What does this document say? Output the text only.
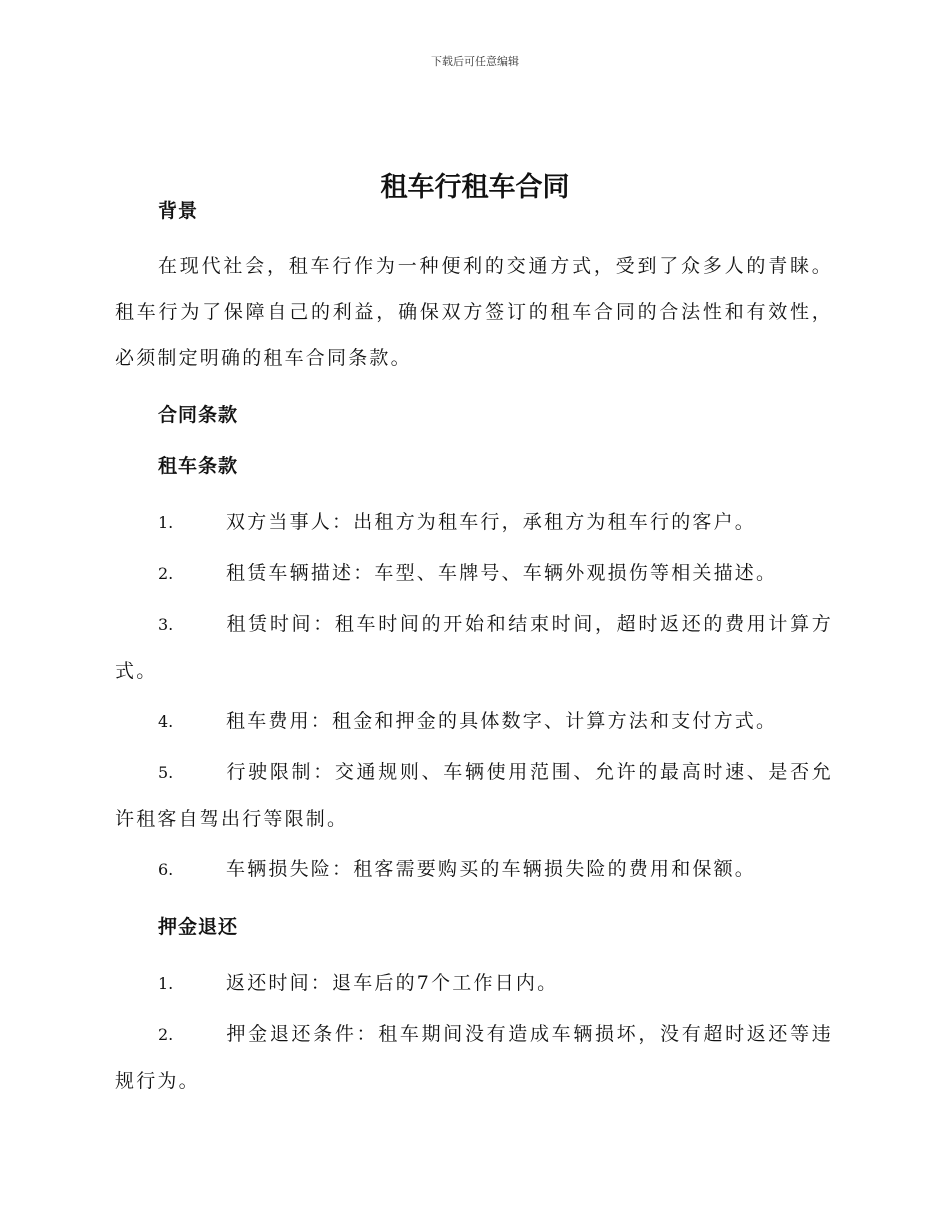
下载后可任意编辑
租车行租车合同
背景

在现代社会，租车行作为一种便利的交通方式，受到了众多人的青睐。租车行为了保障自己的利益，确保双方签订的租车合同的合法性和有效性，必须制定明确的租车合同条款。

合同条款
租车条款

1.	双方当事人：出租方为租车行，承租方为租车行的客户。

2.	租赁车辆描述：车型、车牌号、车辆外观损伤等相关描述。

3.	租赁时间：租车时间的开始和结束时间，超时返还的费用计算方式。

4.	租车费用：租金和押金的具体数字、计算方法和支付方式。

5.	行驶限制：交通规则、车辆使用范围、允许的最高时速、是否允许租客自驾出行等限制。

6.	车辆损失险：租客需要购买的车辆损失险的费用和保额。

押金退还

1.	返还时间：退车后的7个工作日内。

2.	押金退还条件：租车期间没有造成车辆损坏，没有超时返还等违规行为。
